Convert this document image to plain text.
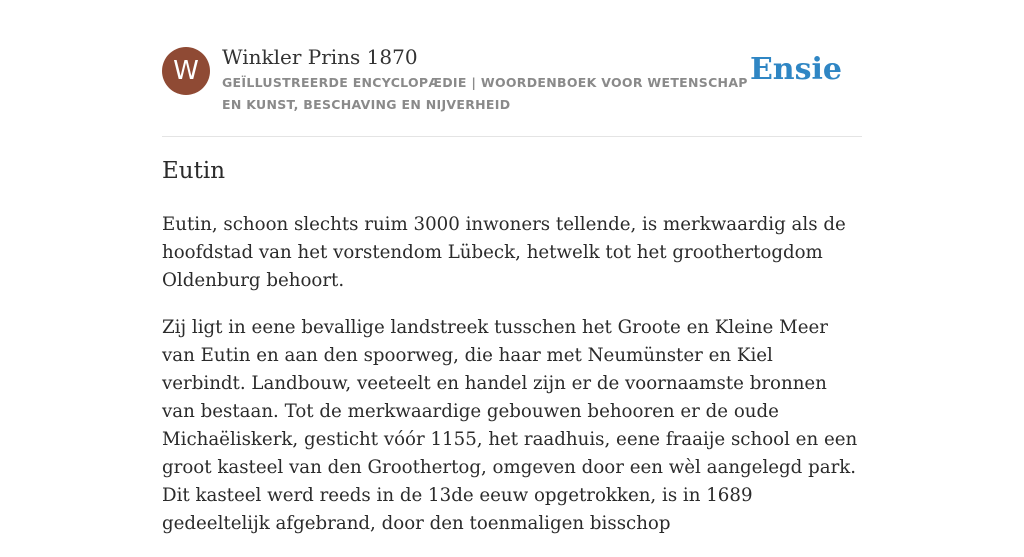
W	Winkler Prins 1870
GEÏLLUSTREERDE ENCYCLOPÆDIE | WOORDENBOEK VOOR WETENSCHAP EN KUNST, BESCHAVING EN NIJVERHEID
Ensie
Eutin

Eutin, schoon slechts ruim 3000 inwoners tellende, is merkwaardig als de hoofdstad van het vorstendom Lübeck, hetwelk tot het groothertogdom Oldenburg behoort.

Zij ligt in eene bevallige landstreek tusschen het Groote en Kleine Meer van Eutin en aan den spoorweg, die haar met Neumünster en Kiel verbindt. Landbouw, veeteelt en handel zijn er de voornaamste bronnen van bestaan. Tot de merkwaardige gebouwen behooren er de oude Michaëliskerk, gesticht vóór 1155, het raadhuis, eene fraaije school en een groot kasteel van den Groothertog, omgeven door een wèl aangelegd park. Dit kasteel werd reeds in de 13de eeuw opgetrokken, is in 1689 gedeeltelijk afgebrand, door den toenmaligen bisschop
